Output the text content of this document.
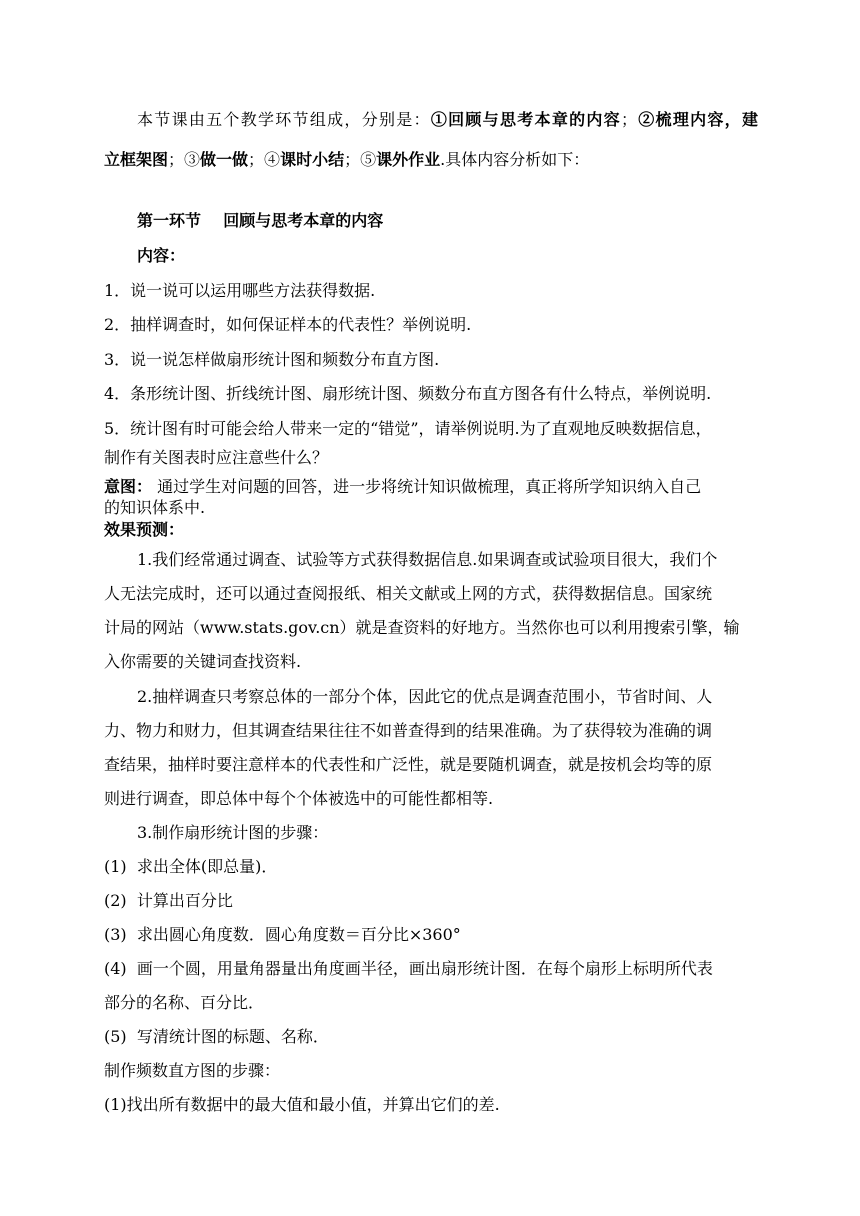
本节课由五个教学环节组成，分别是：①回顾与思考本章的内容；②梳理内容，建
立框架图；③做一做；④课时小结；⑤课外作业.具体内容分析如下：
第一环节    回顾与思考本章的内容
内容：
1．说一说可以运用哪些方法获得数据.
2．抽样调查时，如何保证样本的代表性？举例说明.
3．说一说怎样做扇形统计图和频数分布直方图.
4．条形统计图、折线统计图、扇形统计图、频数分布直方图各有什么特点，举例说明.
5．统计图有时可能会给人带来一定的“错觉”，请举例说明.为了直观地反映数据信息，
制作有关图表时应注意些什么？
意图： 通过学生对问题的回答，进一步将统计知识做梳理，真正将所学知识纳入自己
的知识体系中.
效果预测：
1.我们经常通过调查、试验等方式获得数据信息.如果调查或试验项目很大，我们个
人无法完成时，还可以通过查阅报纸、相关文献或上网的方式，获得数据信息。国家统
计局的网站（www.stats.gov.cn）就是查资料的好地方。当然你也可以利用搜索引擎，输
入你需要的关键词查找资料.
2.抽样调查只考察总体的一部分个体，因此它的优点是调查范围小，节省时间、人
力、物力和财力，但其调查结果往往不如普查得到的结果准确。为了获得较为准确的调
查结果，抽样时要注意样本的代表性和广泛性，就是要随机调查，就是按机会均等的原
则进行调查，即总体中每个个体被选中的可能性都相等.
3.制作扇形统计图的步骤：
(1)  求出全体(即总量)．
(2)  计算出百分比
(3)  求出圆心角度数．圆心角度数＝百分比×360°
(4)  画一个圆，用量角器量出角度画半径，画出扇形统计图．在每个扇形上标明所代表
部分的名称、百分比．
(5)  写清统计图的标题、名称．
制作频数直方图的步骤：
(1)找出所有数据中的最大值和最小值，并算出它们的差.
